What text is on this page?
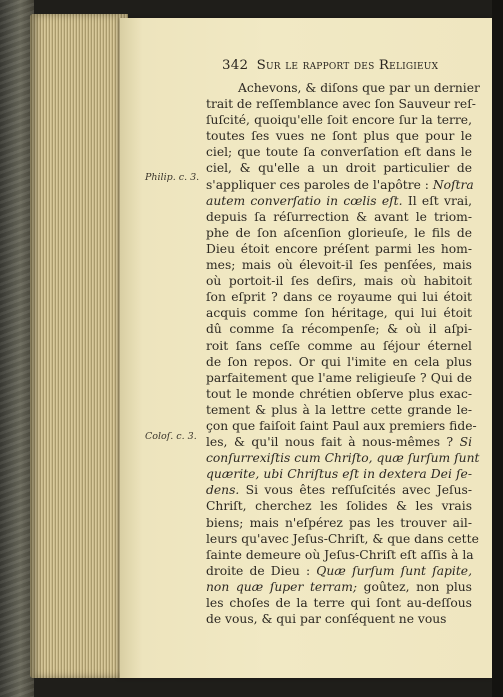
342 Sur le rapport des Religieux
Philip. c. 3.
Coloſ. c. 3.
Achevons, & diſons que par un dernier
trait de reſſemblance avec ſon Sauveur reſ-
ſuſcité, quoiqu'elle ſoit encore ſur la terre,
toutes ſes vues ne ſont plus que pour le
ciel; que toute ſa converſation eſt dans le
ciel, & qu'elle a un droit particulier de
s'appliquer ces paroles de l'apôtre : Noſtra
autem converſatio in cœlis eſt. Il eſt vrai,
depuis ſa réſurrection & avant le triom-
phe de ſon aſcenſion glorieuſe, le fils de
Dieu étoit encore préſent parmi les hom-
mes; mais où élevoit-il ſes penſées, mais
où portoit-il ſes deſirs, mais où habitoit
ſon eſprit ? dans ce royaume qui lui étoit
acquis comme ſon héritage, qui lui étoit
dû comme ſa récompenſe; & où il aſpi-
roit ſans ceſſe comme au ſéjour éternel
de ſon repos. Or qui l'imite en cela plus
parfaitement que l'ame religieuſe ? Qui de
tout le monde chrétien obſerve plus exac-
tement & plus à la lettre cette grande le-
çon que faiſoit ſaint Paul aux premiers fide-
les, & qu'il nous fait à nous-mêmes ? Si
conſurrexiſtis cum Chriſto, quæ ſurſum ſunt
quærite, ubi Chriſtus eſt in dextera Dei ſe-
dens. Si vous êtes reſſuſcités avec Jeſus-
Chriſt, cherchez les ſolides & les vrais
biens; mais n'eſpérez pas les trouver ail-
leurs qu'avec Jeſus-Chriſt, & que dans cette
ſainte demeure où Jeſus-Chriſt eſt aſſis à la
droite de Dieu : Quæ ſurſum ſunt ſapite,
non quæ ſuper terram; goûtez, non plus
les choſes de la terre qui ſont au-deſſous
de vous, & qui par conſéquent ne vous
